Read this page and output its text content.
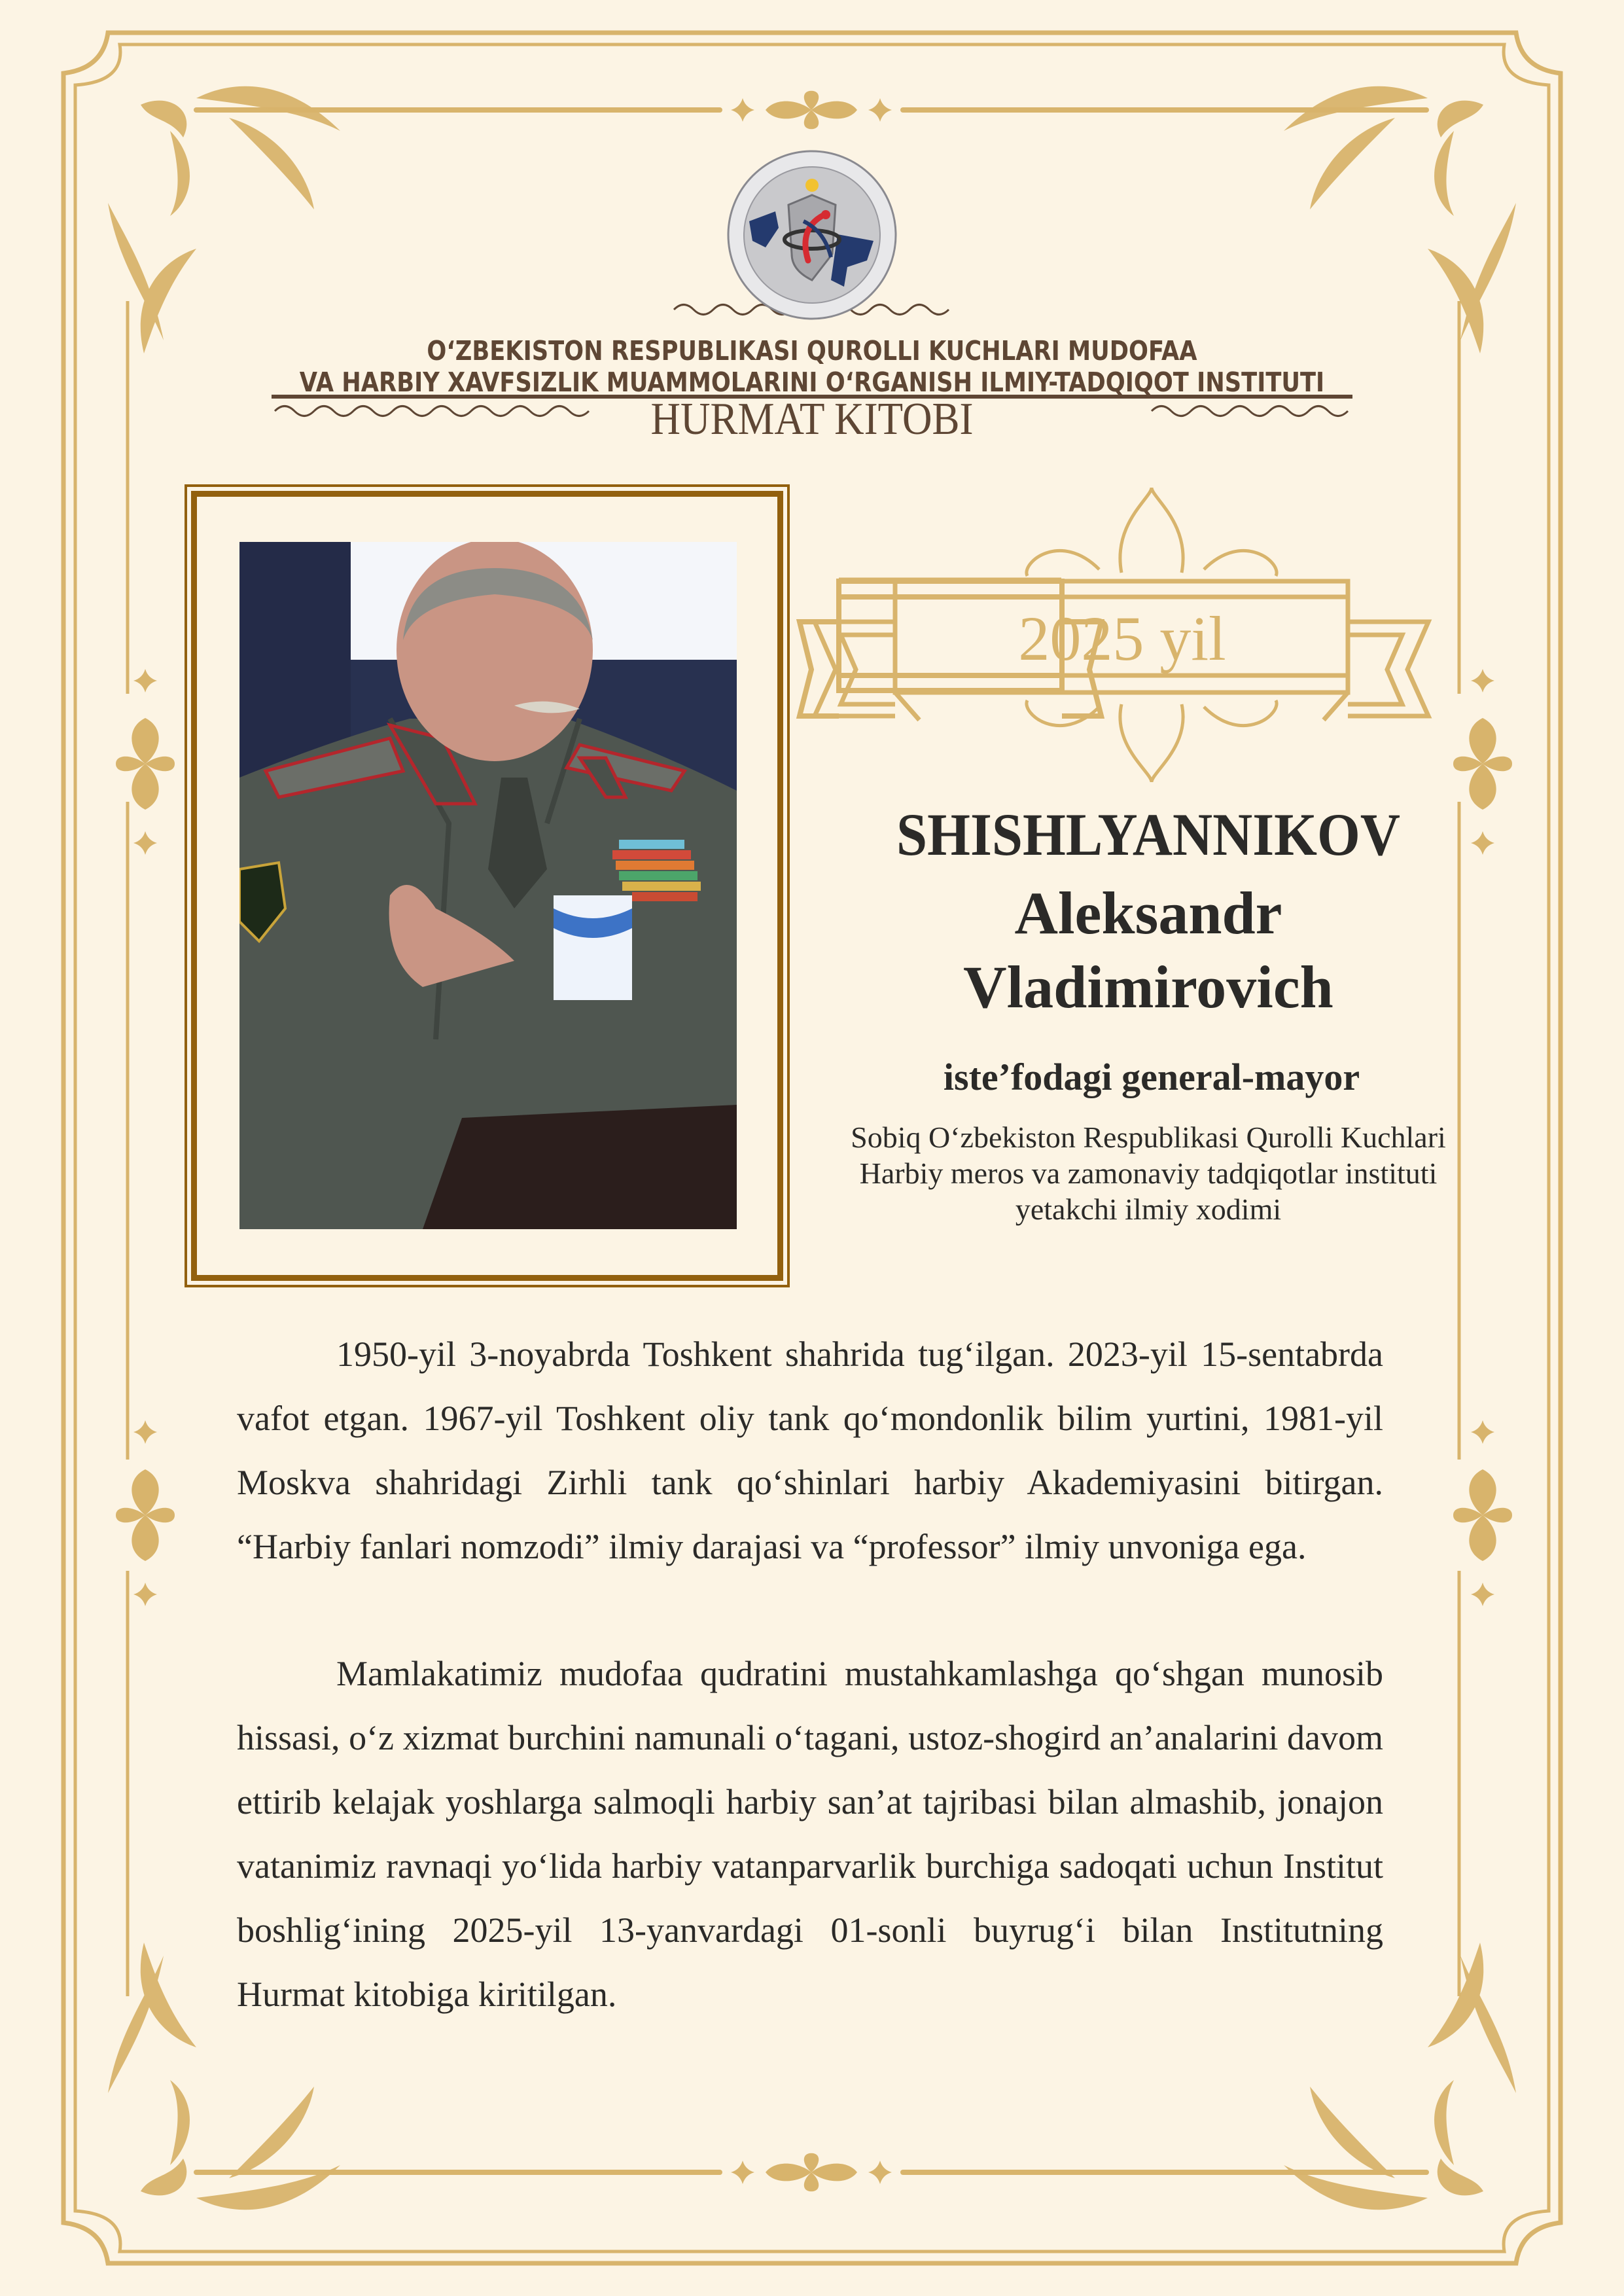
O‘ZBEKISTON RESPUBLIKASI QUROLLI KUCHLARI MUDOFAA
VA HARBIY XAVFSIZLIK MUAMMOLARINI O‘RGANISH ILMIY-TADQIQOT INSTITUTI
HURMAT KITOBI
2025 yil
SHISHLYANNIKOV
Aleksandr
Vladimirovich
iste’fodagi general-mayor
Sobiq O‘zbekiston Respublikasi Qurolli Kuchlari Harbiy meros va zamonaviy tadqiqotlar instituti yetakchi ilmiy xodimi

1950-yil 3-noyabrda Toshkent shahrida tug‘ilgan. 2023-yil 15-sentabrda vafot etgan. 1967-yil Toshkent oliy tank qo‘mondonlik bilim yurtini, 1981-yil Moskva shahridagi Zirhli tank qo‘shinlari harbiy Akademiyasini bitirgan. “Harbiy fanlari nomzodi” ilmiy darajasi va “professor” ilmiy unvoniga ega.

Mamlakatimiz mudofaa qudratini mustahkamlashga qo‘shgan munosib hissasi, o‘z xizmat burchini namunali o‘tagani, ustoz-shogird an’analarini davom ettirib kelajak yoshlarga salmoqli harbiy san’at tajribasi bilan almashib, jonajon vatanimiz ravnaqi yo‘lida harbiy vatanparvarlik burchiga sadoqati uchun Institut boshlig‘ining 2025-yil 13-yanvardagi 01-sonli buyrug‘i bilan Institutning Hurmat kitobiga kiritilgan.
